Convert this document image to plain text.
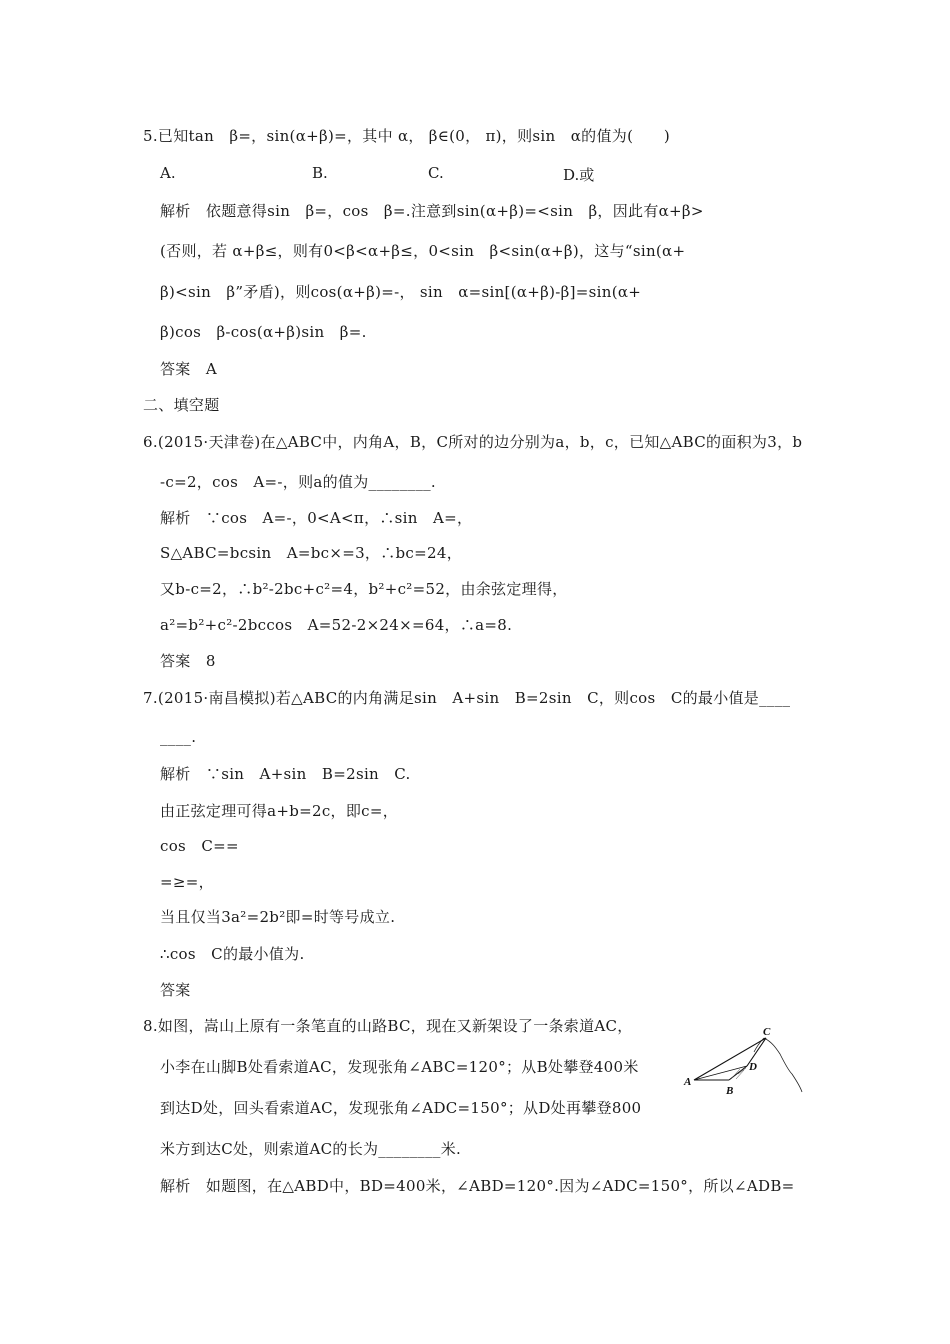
5.已知tan　β=，sin(α+β)=，其中 α， β∈(0， π)，则sin　α的值为(　　)
A.	B.	C.	D.或
解析　依题意得sin　β=，cos　β=.注意到sin(α+β)=<sin　β，因此有α+β>
(否则，若 α+β≤，则有0<β<α+β≤，0<sin　β<sin(α+β)，这与“sin(α+
β)<sin　β”矛盾)，则cos(α+β)=-， sin　α=sin[(α+β)-β]=sin(α+
β)cos　β-cos(α+β)sin　β=.
答案　A
二、填空题
6.(2015·天津卷)在△ABC中，内角A，B，C所对的边分别为a，b，c，已知△ABC的面积为3，b
-c=2，cos　A=-，则a的值为________.
解析　∵cos　A=-，0<A<π，∴sin　A=，
S△ABC=bcsin　A=bc×=3，∴bc=24，
又b-c=2，∴b²-2bc+c²=4，b²+c²=52，由余弦定理得，
a²=b²+c²-2bccos　A=52-2×24×=64，∴a=8.
答案　8
7.(2015·南昌模拟)若△ABC的内角满足sin　A+sin　B=2sin　C，则cos　C的最小值是____
____.
解析　∵sin　A+sin　B=2sin　C.
由正弦定理可得a+b=2c，即c=，
cos　C==
=≥=，
当且仅当3a²=2b²即=时等号成立.
∴cos　C的最小值为.
答案
8.如图，嵩山上原有一条笔直的山路BC，现在又新架设了一条索道AC，
小李在山脚B处看索道AC，发现张角∠ABC=120°；从B处攀登400米
到达D处，回头看索道AC，发现张角∠ADC=150°；从D处再攀登800
米方到达C处，则索道AC的长为________米.
解析　如题图，在△ABD中，BD=400米，∠ABD=120°.因为∠ADC=150°，所以∠ADB=
C
A
B
D
